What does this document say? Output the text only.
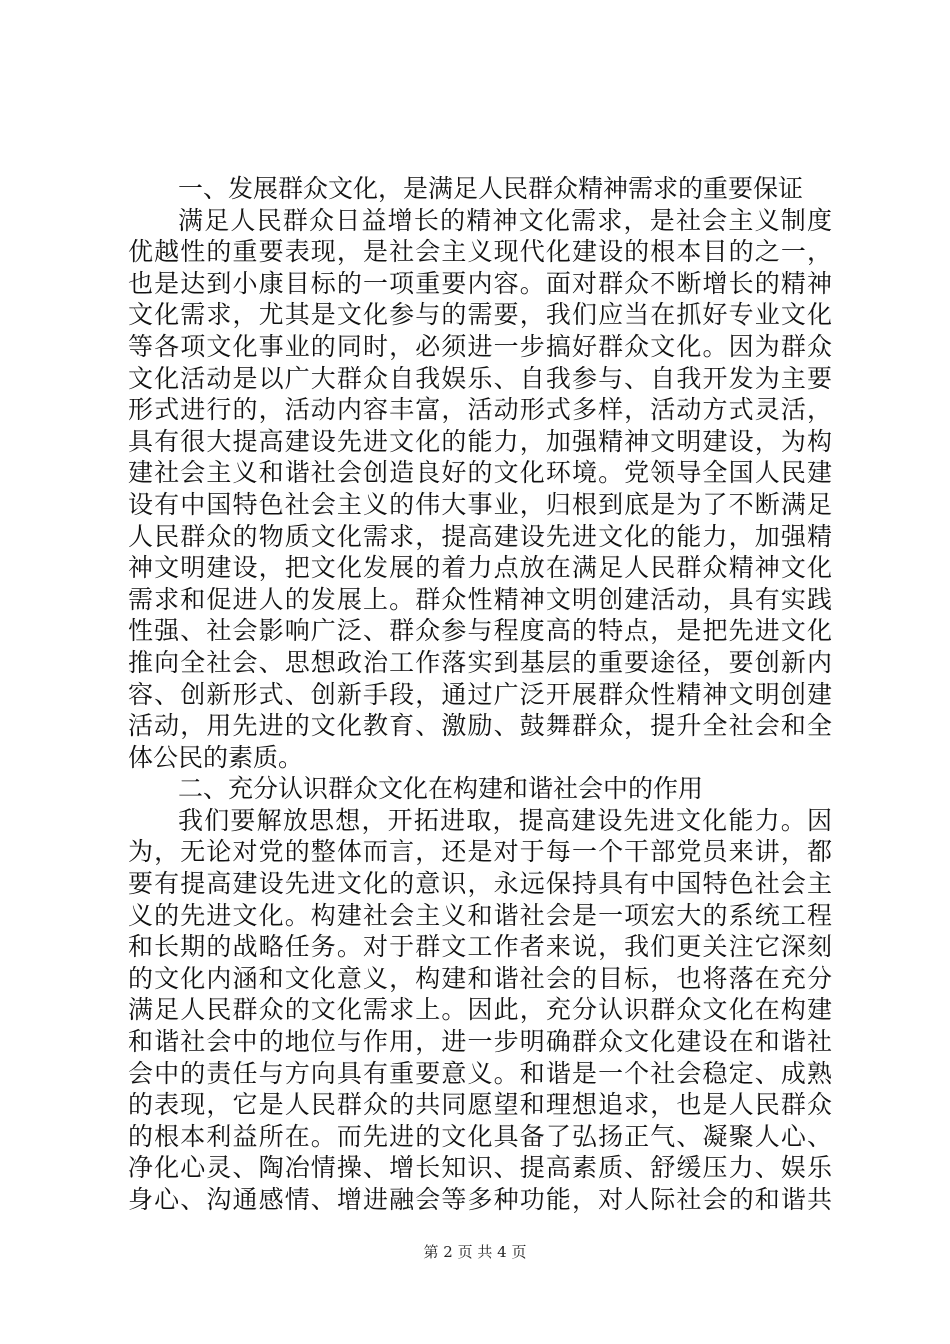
一、发展群众文化，是满足人民群众精神需求的重要保证
满足人民群众日益增长的精神文化需求，是社会主义制度
优越性的重要表现，是社会主义现代化建设的根本目的之一，
也是达到小康目标的一项重要内容。面对群众不断增长的精神
文化需求，尤其是文化参与的需要，我们应当在抓好专业文化
等各项文化事业的同时，必须进一步搞好群众文化。因为群众
文化活动是以广大群众自我娱乐、自我参与、自我开发为主要
形式进行的，活动内容丰富，活动形式多样，活动方式灵活，
具有很大提高建设先进文化的能力，加强精神文明建设，为构
建社会主义和谐社会创造良好的文化环境。党领导全国人民建
设有中国特色社会主义的伟大事业，归根到底是为了不断满足
人民群众的物质文化需求，提高建设先进文化的能力，加强精
神文明建设，把文化发展的着力点放在满足人民群众精神文化
需求和促进人的发展上。群众性精神文明创建活动，具有实践
性强、社会影响广泛、群众参与程度高的特点，是把先进文化
推向全社会、思想政治工作落实到基层的重要途径，要创新内
容、创新形式、创新手段，通过广泛开展群众性精神文明创建
活动，用先进的文化教育、激励、鼓舞群众，提升全社会和全
体公民的素质。
二、充分认识群众文化在构建和谐社会中的作用
我们要解放思想，开拓进取，提高建设先进文化能力。因
为，无论对党的整体而言，还是对于每一个干部党员来讲，都
要有提高建设先进文化的意识，永远保持具有中国特色社会主
义的先进文化。构建社会主义和谐社会是一项宏大的系统工程
和长期的战略任务。对于群文工作者来说，我们更关注它深刻
的文化内涵和文化意义，构建和谐社会的目标，也将落在充分
满足人民群众的文化需求上。因此，充分认识群众文化在构建
和谐社会中的地位与作用，进一步明确群众文化建设在和谐社
会中的责任与方向具有重要意义。和谐是一个社会稳定、成熟
的表现，它是人民群众的共同愿望和理想追求，也是人民群众
的根本利益所在。而先进的文化具备了弘扬正气、凝聚人心、
净化心灵、陶冶情操、增长知识、提高素质、舒缓压力、娱乐
身心、沟通感情、增进融会等多种功能，对人际社会的和谐共
第 2 页 共 4 页
